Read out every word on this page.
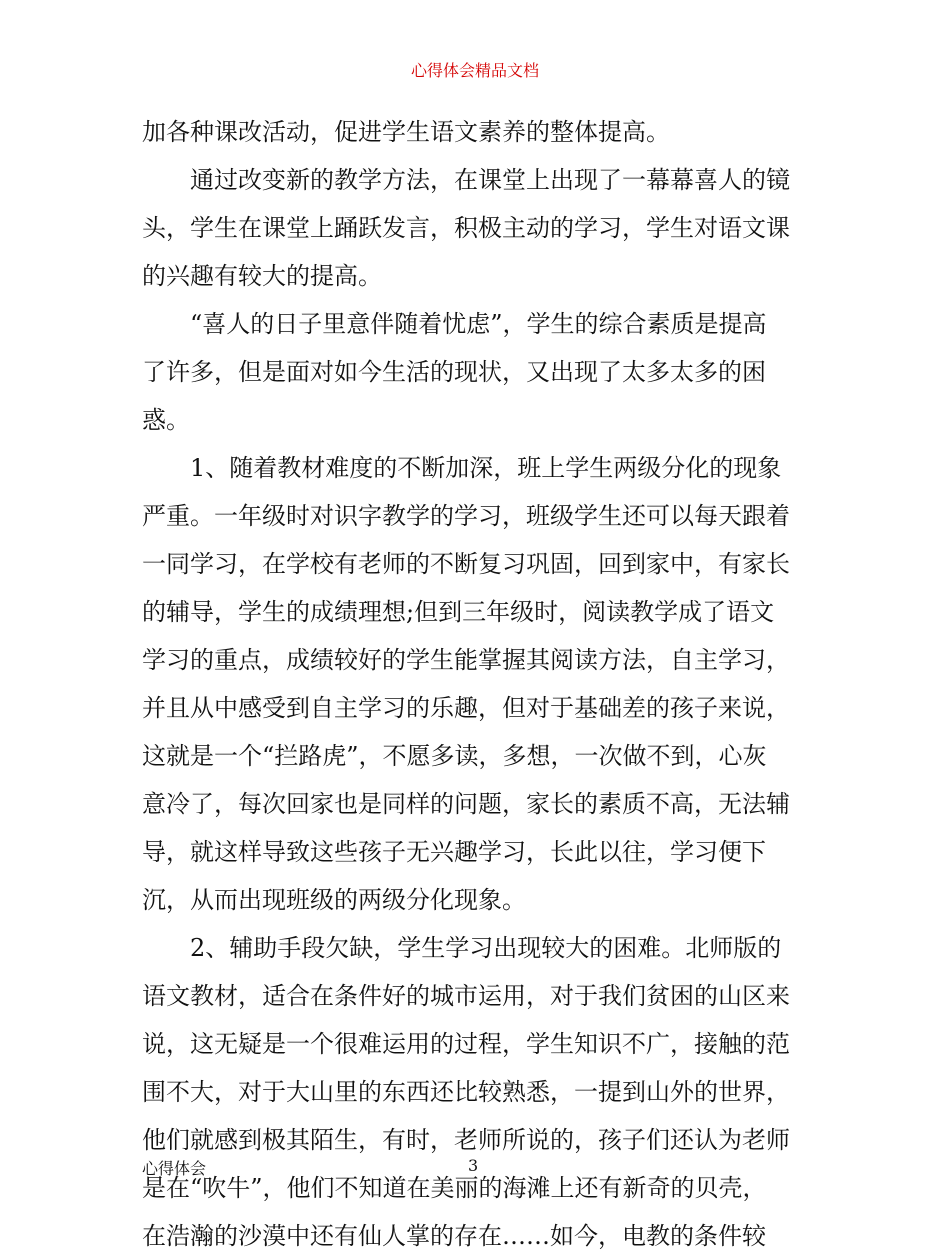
心得体会精品文档
加各种课改活动，促进学生语文素养的整体提高。
通过改变新的教学方法，在课堂上出现了一幕幕喜人的镜
头，学生在课堂上踊跃发言，积极主动的学习，学生对语文课
的兴趣有较大的提高。
“喜人的日子里意伴随着忧虑”，学生的综合素质是提高
了许多，但是面对如今生活的现状，又出现了太多太多的困
惑。
1、随着教材难度的不断加深，班上学生两级分化的现象
严重。一年级时对识字教学的学习，班级学生还可以每天跟着
一同学习，在学校有老师的不断复习巩固，回到家中，有家长
的辅导，学生的成绩理想;但到三年级时，阅读教学成了语文
学习的重点，成绩较好的学生能掌握其阅读方法，自主学习，
并且从中感受到自主学习的乐趣，但对于基础差的孩子来说，
这就是一个“拦路虎”，不愿多读，多想，一次做不到，心灰
意冷了，每次回家也是同样的问题，家长的素质不高，无法辅
导，就这样导致这些孩子无兴趣学习，长此以往，学习便下
沉，从而出现班级的两级分化现象。
2、辅助手段欠缺，学生学习出现较大的困难。北师版的
语文教材，适合在条件好的城市运用，对于我们贫困的山区来
说，这无疑是一个很难运用的过程，学生知识不广，接触的范
围不大，对于大山里的东西还比较熟悉，一提到山外的世界，
他们就感到极其陌生，有时，老师所说的，孩子们还认为老师
是在“吹牛”，他们不知道在美丽的海滩上还有新奇的贝壳，
在浩瀚的沙漠中还有仙人掌的存在……如今，电教的条件较
心得体会	3
